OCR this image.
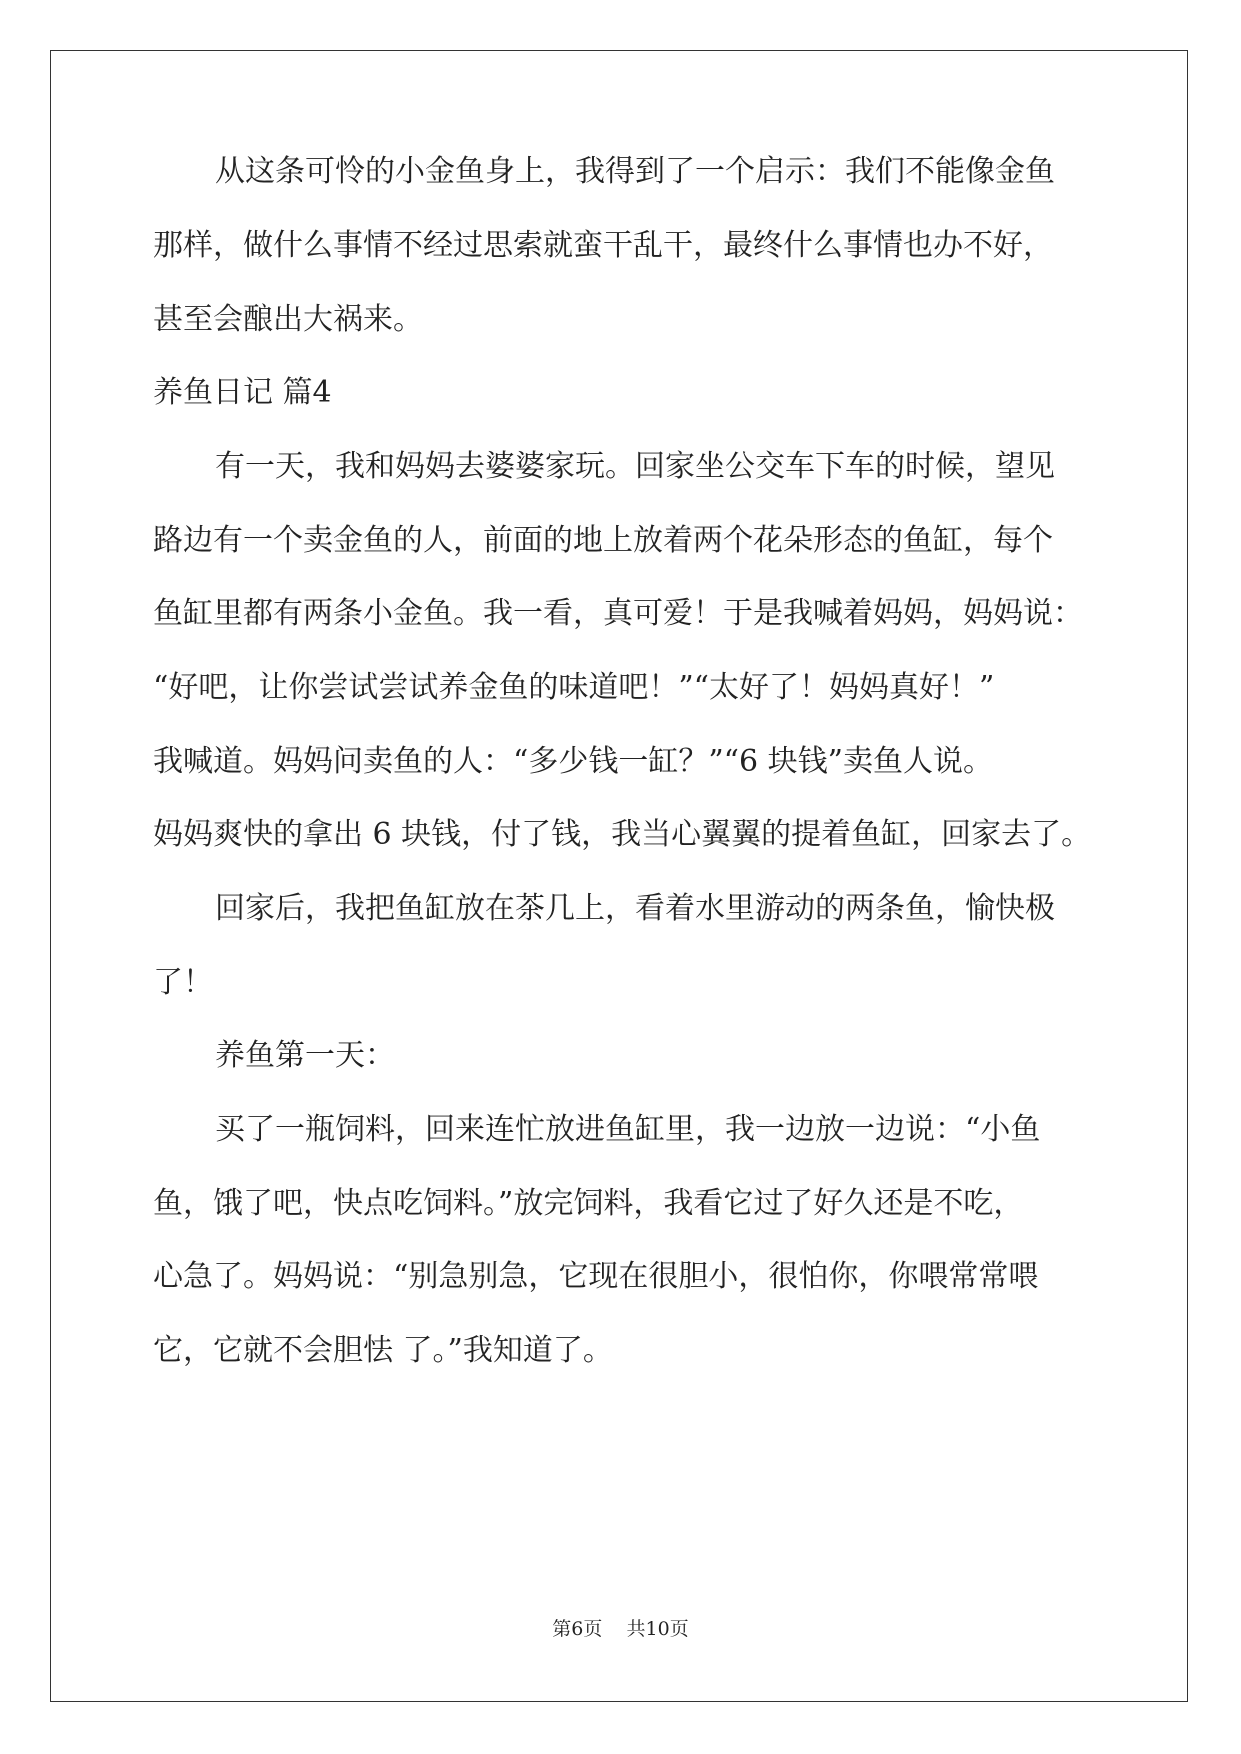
从这条可怜的小金鱼身上，我得到了一个启示：我们不能像金鱼

那样，做什么事情不经过思索就蛮干乱干，最终什么事情也办不好，

甚至会酿出大祸来。

养鱼日记 篇4

有一天，我和妈妈去婆婆家玩。回家坐公交车下车的时候，望见

路边有一个卖金鱼的人，前面的地上放着两个花朵形态的鱼缸，每个

鱼缸里都有两条小金鱼。我一看，真可爱！于是我喊着妈妈，妈妈说：

“好吧，让你尝试尝试养金鱼的味道吧！”“太好了！妈妈真好！”

我喊道。妈妈问卖鱼的人：“多少钱一缸？”“6 块钱”卖鱼人说。

妈妈爽快的拿出 6 块钱，付了钱，我当心翼翼的提着鱼缸，回家去了。

回家后，我把鱼缸放在茶几上，看着水里游动的两条鱼，愉快极

了！

养鱼第一天：

买了一瓶饲料，回来连忙放进鱼缸里，我一边放一边说：“小鱼

鱼，饿了吧，快点吃饲料。”放完饲料，我看它过了好久还是不吃，

心急了。妈妈说：“别急别急，它现在很胆小，很怕你，你喂常常喂

它，它就不会胆怯 了。”我知道了。

第6页 共10页
